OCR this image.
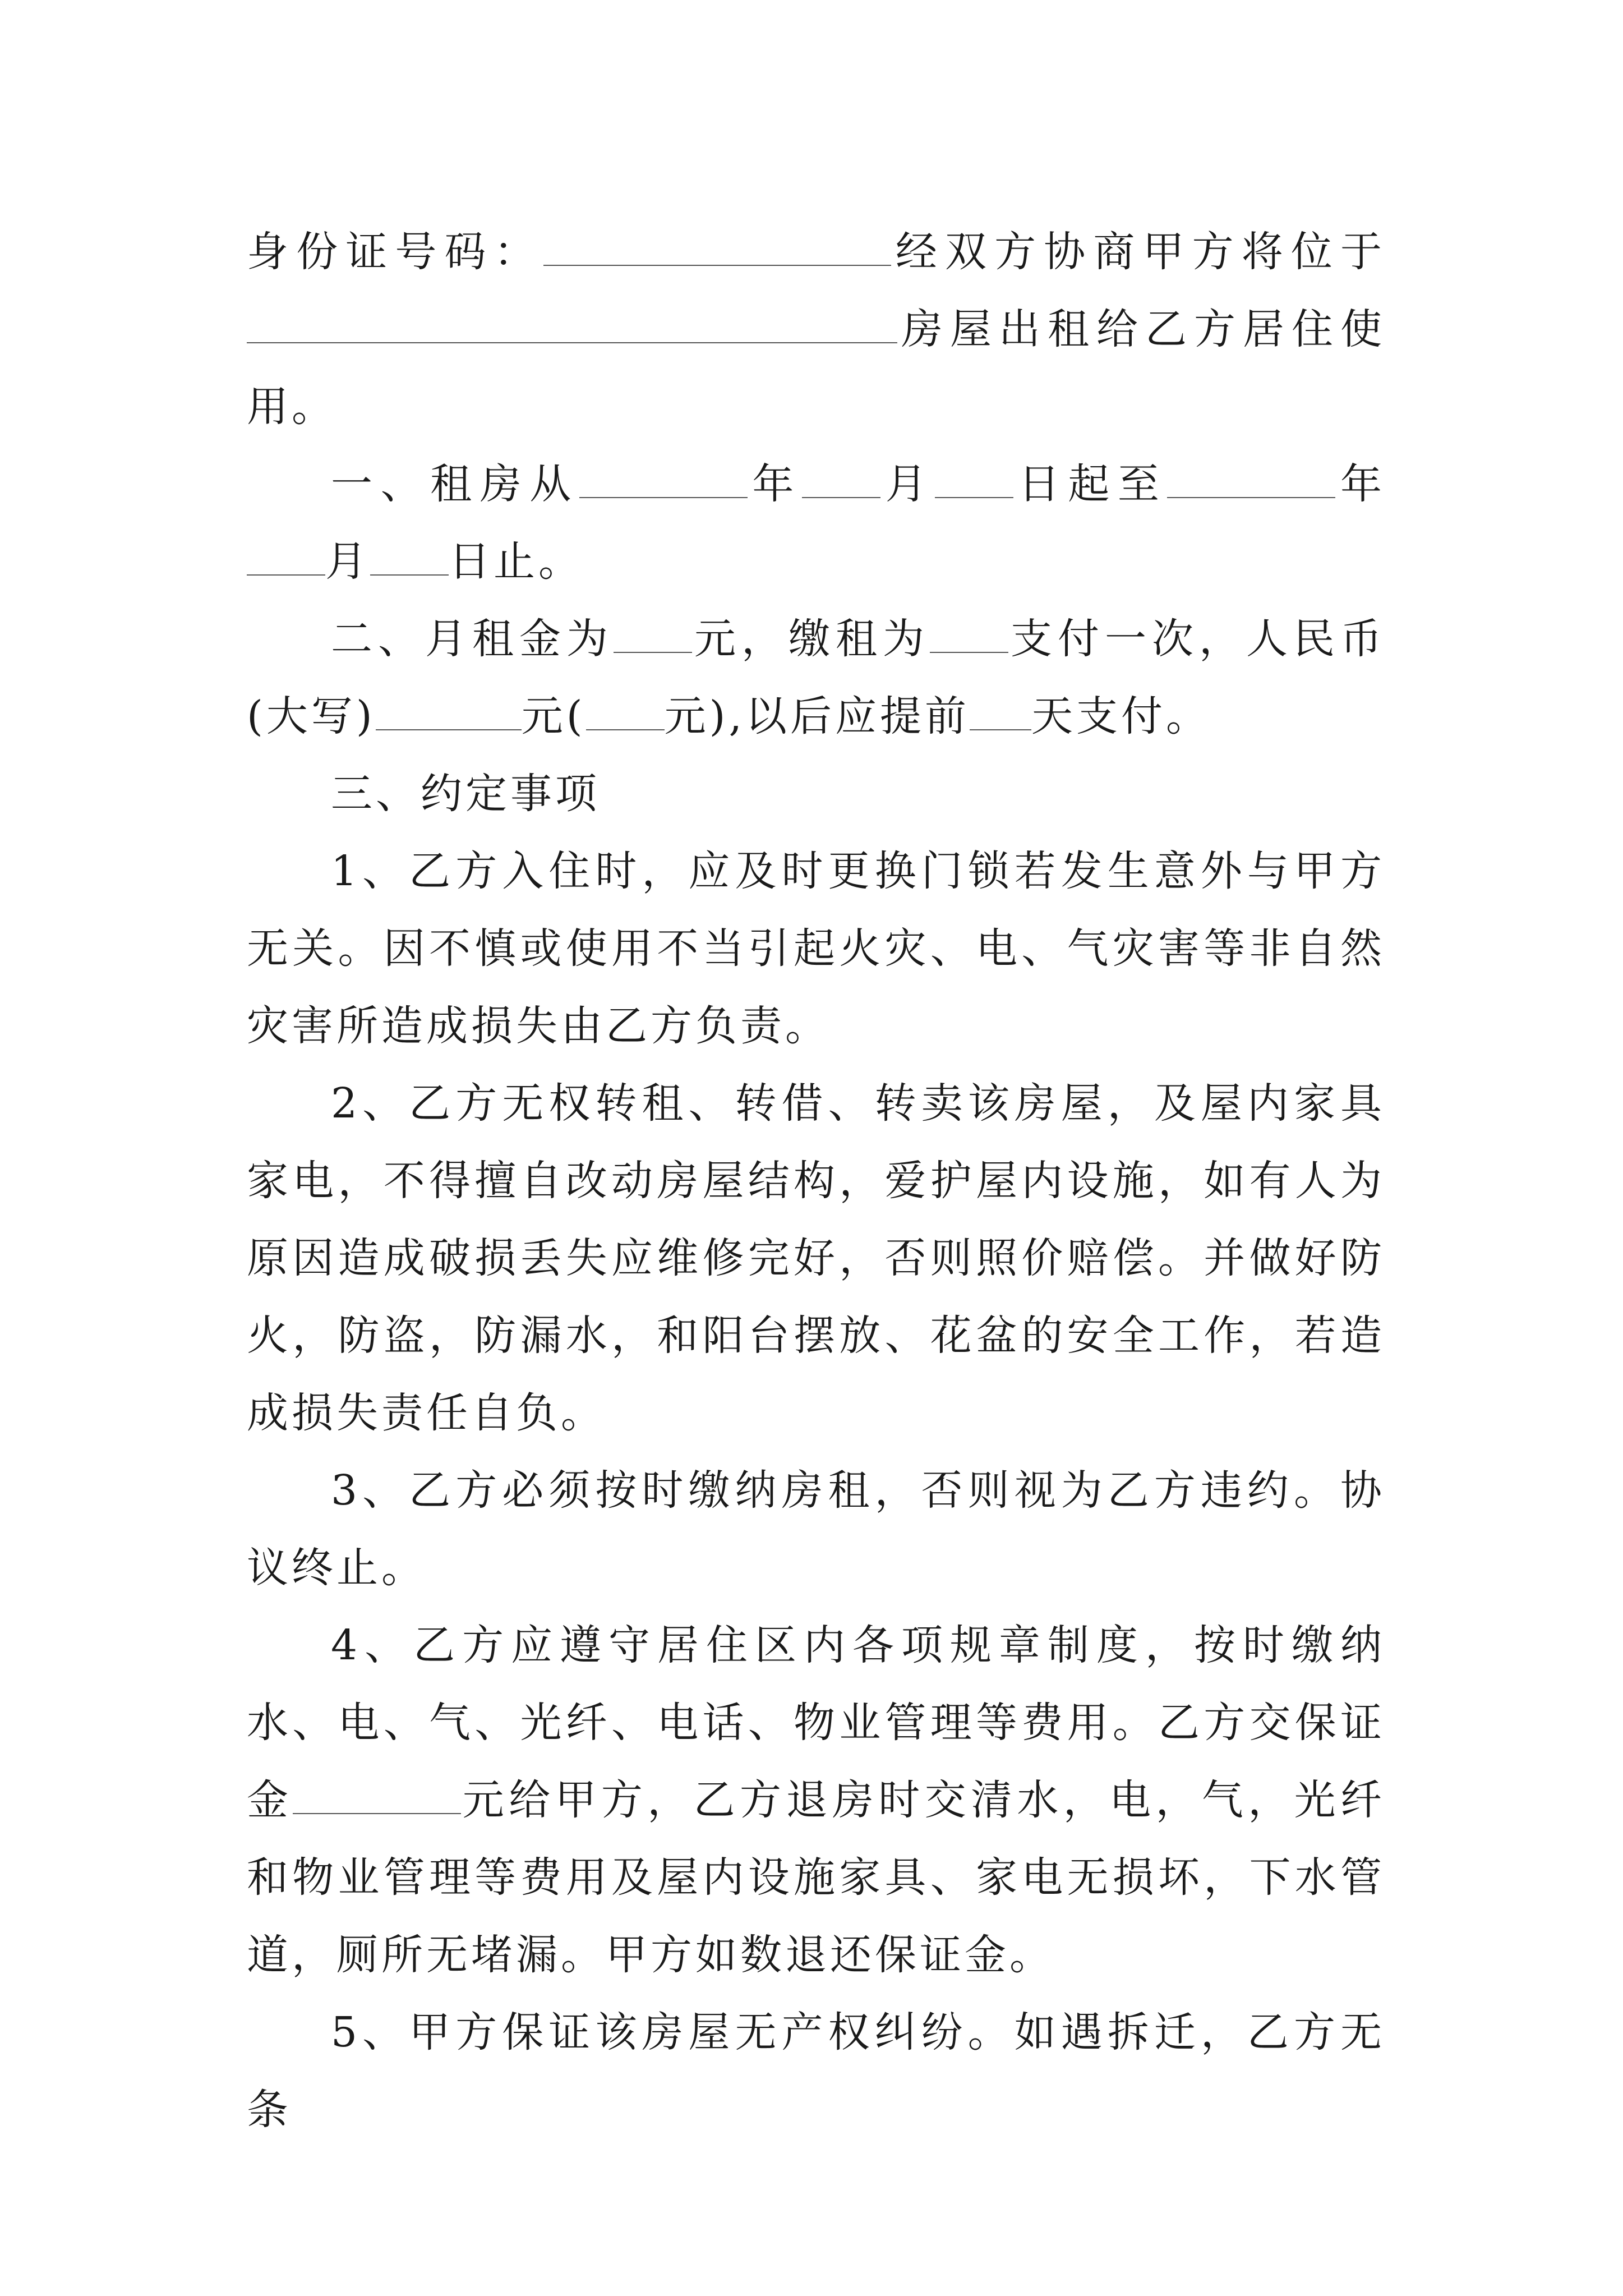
身份证号码：	经双方协商甲方将位于房屋出租给乙方居住使用。

一、租房从	年 月 日起至	年月 日止。

二、月租金为 元，缴租为 支付一次，人民币(大写)	元( 元),以后应提前 天支付。

三、约定事项

1、乙方入住时，应及时更换门锁若发生意外与甲方无关。因不慎或使用不当引起火灾、电、气灾害等非自然灾害所造成损失由乙方负责。

2、乙方无权转租、转借、转卖该房屋，及屋内家具家电，不得擅自改动房屋结构，爱护屋内设施，如有人为原因造成破损丢失应维修完好，否则照价赔偿。并做好防火，防盗，防漏水，和阳台摆放、花盆的安全工作，若造成损失责任自负。

3、乙方必须按时缴纳房租，否则视为乙方违约。协议终止。

4、乙方应遵守居住区内各项规章制度，按时缴纳水、电、气、光纤、电话、物业管理等费用。乙方交保证金	元给甲方，乙方退房时交清水，电，气，光纤和物业管理等费用及屋内设施家具、家电无损坏，下水管道，厕所无堵漏。甲方如数退还保证金。

5、甲方保证该房屋无产权纠纷。如遇拆迁，乙方无条
